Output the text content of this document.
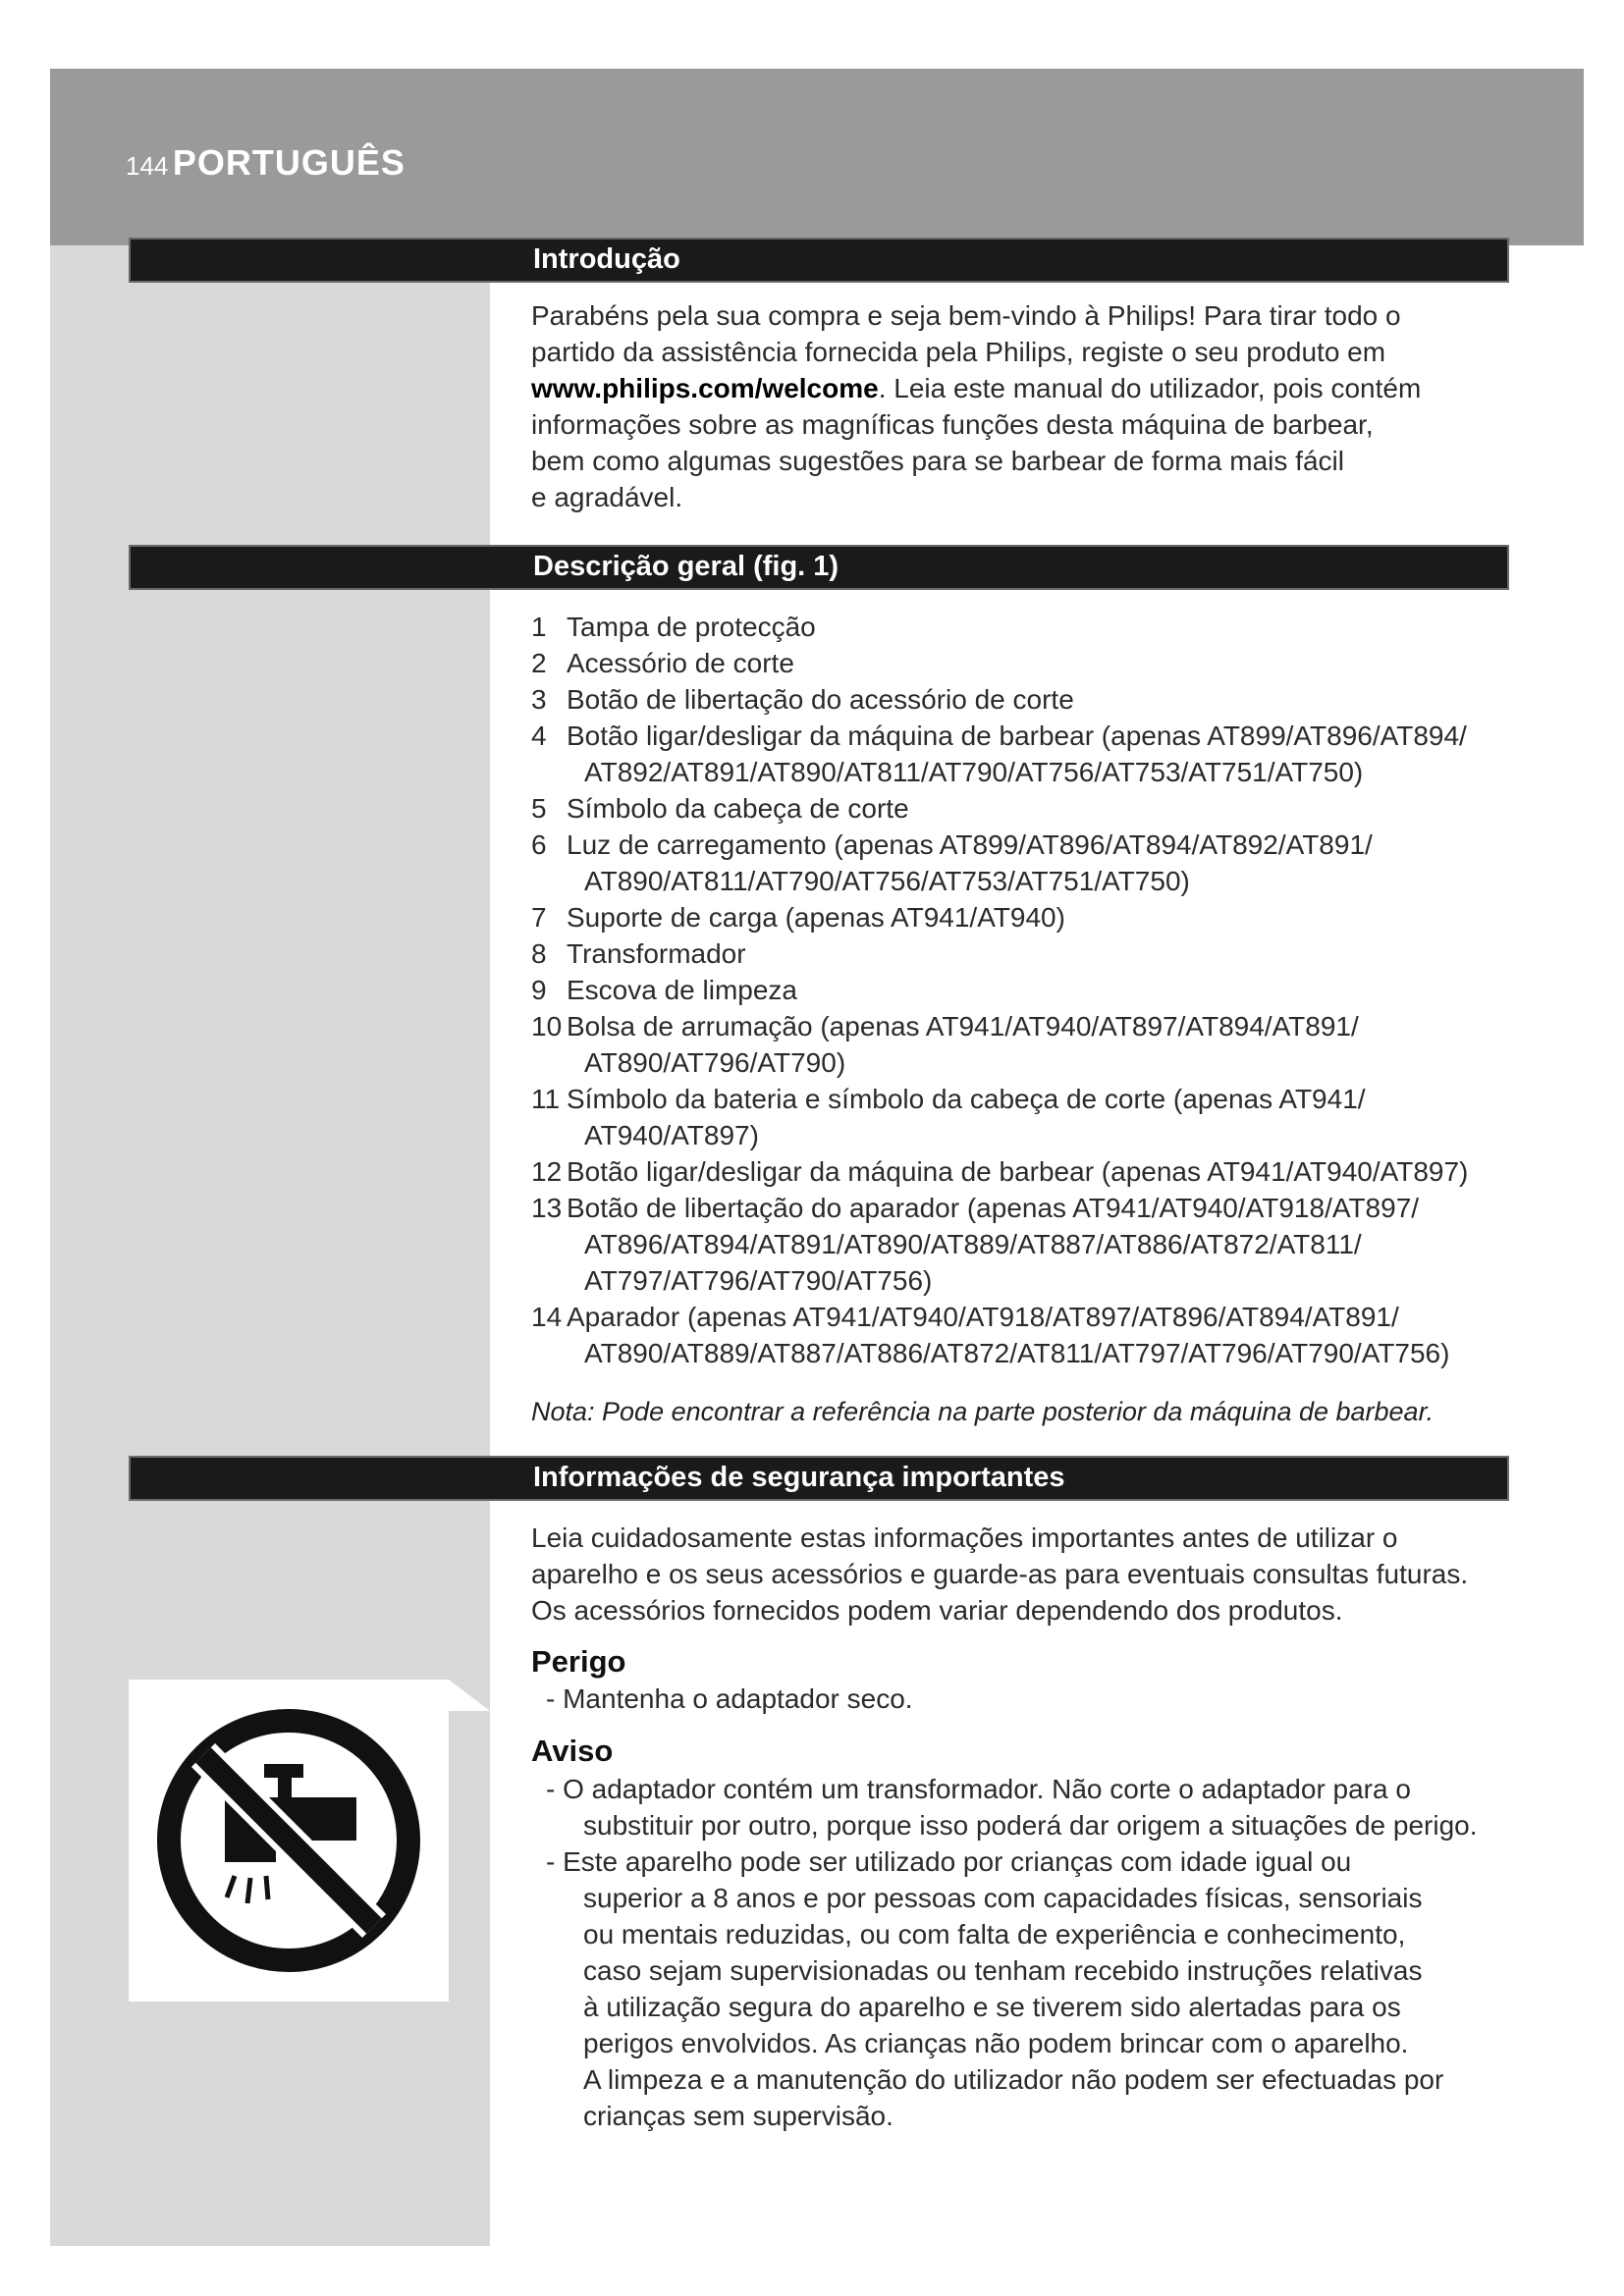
144 PORTUGUÊS
Introdução
Parabéns pela sua compra e seja bem-vindo à Philips! Para tirar todo o
partido da assistência fornecida pela Philips, registe o seu produto em
www.philips.com/welcome. Leia este manual do utilizador, pois contém
informações sobre as magníficas funções desta máquina de barbear,
bem como algumas sugestões para se barbear de forma mais fácil
e agradável.
Descrição geral (fig. 1)
1 Tampa de protecção
2 Acessório de corte
3 Botão de libertação do acessório de corte
4 Botão ligar/desligar da máquina de barbear (apenas AT899/AT896/AT894/
AT892/AT891/AT890/AT811/AT790/AT756/AT753/AT751/AT750)
5 Símbolo da cabeça de corte
6 Luz de carregamento (apenas AT899/AT896/AT894/AT892/AT891/
AT890/AT811/AT790/AT756/AT753/AT751/AT750)
7 Suporte de carga (apenas AT941/AT940)
8 Transformador
9 Escova de limpeza
10 Bolsa de arrumação (apenas AT941/AT940/AT897/AT894/AT891/
AT890/AT796/AT790)
11 Símbolo da bateria e símbolo da cabeça de corte (apenas AT941/
AT940/AT897)
12 Botão ligar/desligar da máquina de barbear (apenas AT941/AT940/AT897)
13 Botão de libertação do aparador (apenas AT941/AT940/AT918/AT897/
AT896/AT894/AT891/AT890/AT889/AT887/AT886/AT872/AT811/
AT797/AT796/AT790/AT756)
14 Aparador (apenas AT941/AT940/AT918/AT897/AT896/AT894/AT891/
AT890/AT889/AT887/AT886/AT872/AT811/AT797/AT796/AT790/AT756)
Nota: Pode encontrar a referência na parte posterior da máquina de barbear.
Informações de segurança importantes
Leia cuidadosamente estas informações importantes antes de utilizar o
aparelho e os seus acessórios e guarde-as para eventuais consultas futuras.
Os acessórios fornecidos podem variar dependendo dos produtos.
Perigo
- Mantenha o adaptador seco.
Aviso
- O adaptador contém um transformador. Não corte o adaptador para o
substituir por outro, porque isso poderá dar origem a situações de perigo.
- Este aparelho pode ser utilizado por crianças com idade igual ou
superior a 8 anos e por pessoas com capacidades físicas, sensoriais
ou mentais reduzidas, ou com falta de experiência e conhecimento,
caso sejam supervisionadas ou tenham recebido instruções relativas
à utilização segura do aparelho e se tiverem sido alertadas para os
perigos envolvidos. As crianças não podem brincar com o aparelho.
A limpeza e a manutenção do utilizador não podem ser efectuadas por
crianças sem supervisão.
